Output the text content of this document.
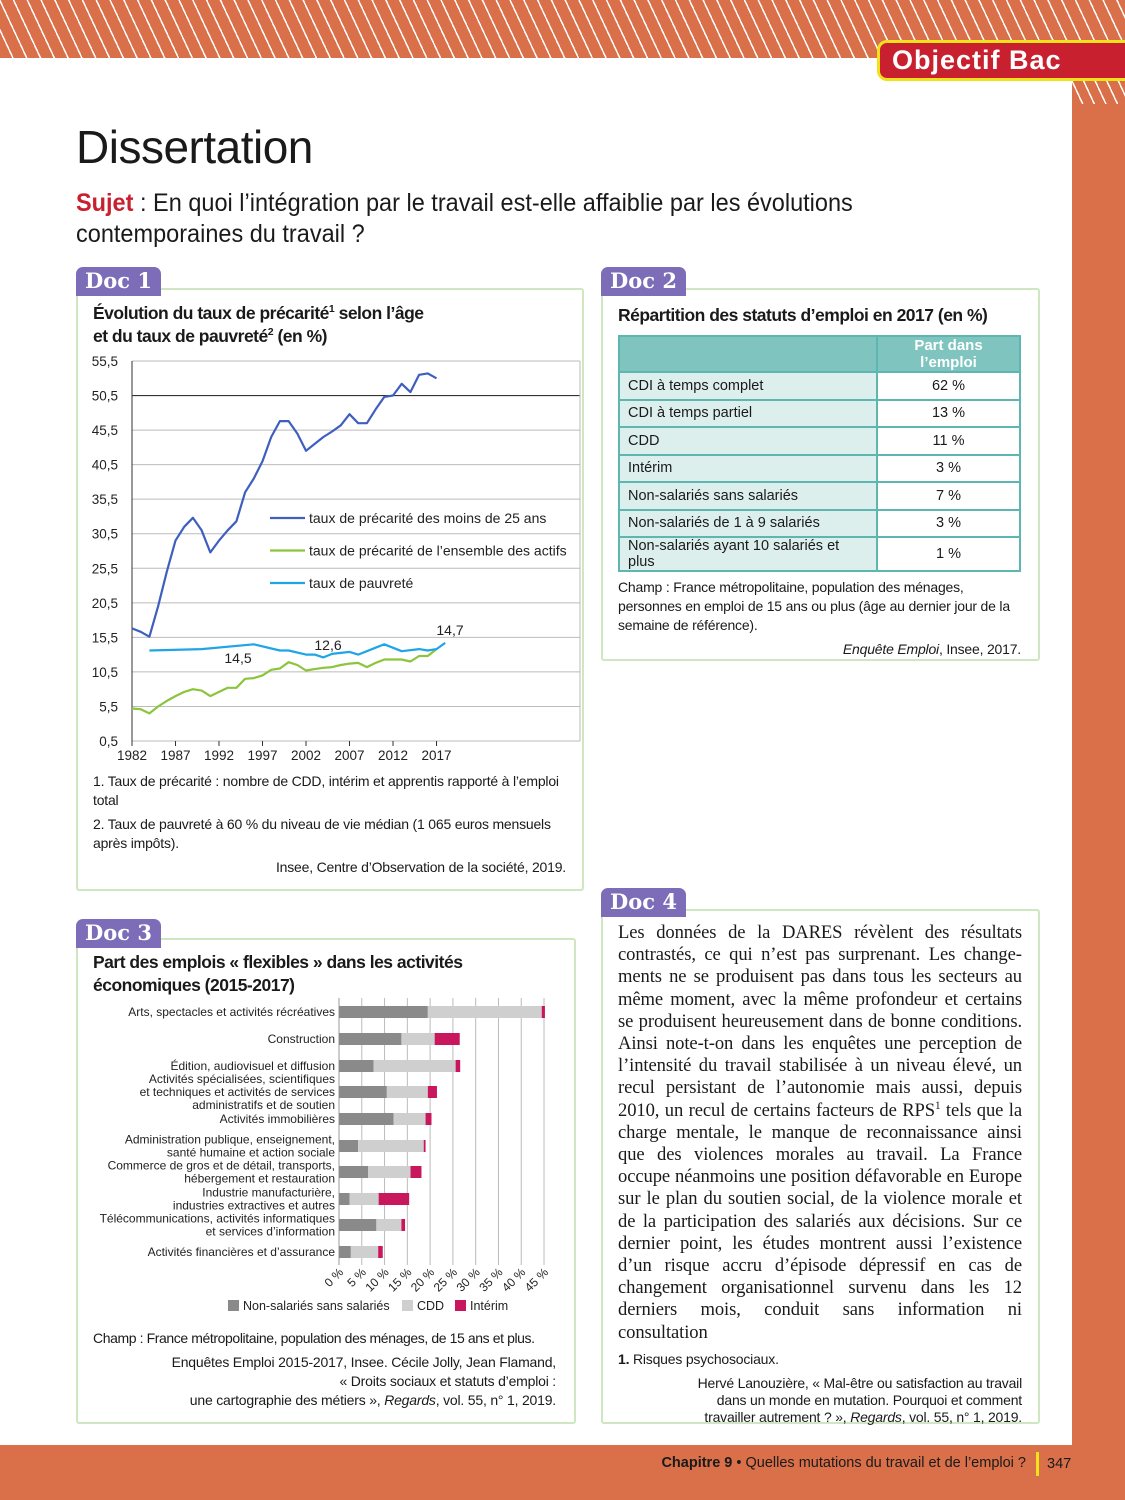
Objectif Bac
Dissertation
Sujet : En quoi l’intégration par le travail est-elle affaiblie par les évolutions contemporaines du travail ?
Doc 1
Évolution du taux de précarité$^1$ selon l’âge
et du taux de pauvreté$^2$ (en %)
0,5
5,5
10,5
15,5
20,5
25,5
30,5
35,5
40,5
45,5
50,5
55,5
1982 1987 1992 1997 2002 2007 2012 2017
taux de précarité des moins de 25 ans
taux de précarité de l’ensemble des actifs
taux de pauvreté
14,5
12,6
14,7
1. Taux de précarité : nombre de CDD, intérim et apprentis rapporté à l’emploi total
2. Taux de pauvreté à 60 % du niveau de vie médian (1 065 euros mensuels après impôts).
Insee, Centre d’Observation de la société, 2019.
Doc 2
Répartition des statuts d’emploi en 2017 (en %)
	Part dans l’emploi
CDI à temps complet	62 %
CDI à temps partiel	13 %
CDD	11 %
Intérim	3 %
Non-salariés sans salariés	7 %
Non-salariés de 1 à 9 salariés	3 %
Non-salariés ayant 10 salariés et plus	1 %
Champ : France métropolitaine, population des ménages, personnes en emploi de 15 ans ou plus (âge au dernier jour de la semaine de référence).
Enquête Emploi, Insee, 2017.
Doc 3
Part des emplois « flexibles » dans les activités économiques (2015-2017)
0 %
5 %
10 %
15 %
20 %
25 %
30 %
35 %
40 %
45 %
Arts, spectacles et activités récréatives
Construction
Édition, audiovisuel et diffusion
Activités spécialisées, scientifiques et techniques et activités de services administratifs et de soutien
Activités immobilières
Administration publique, enseignement, santé humaine et action sociale
Commerce de gros et de détail, transports, hébergement et restauration
Industrie manufacturière, industries extractives et autres
Télécommunications, activités informatiques et services d’information
Activités financières et d’assurance
Non-salariés sans salariés CDD Intérim
Champ : France métropolitaine, population des ménages, de 15 ans et plus.
Enquêtes Emploi 2015-2017, Insee. Cécile Jolly, Jean Flamand,
« Droits sociaux et statuts d’emploi :
une cartographie des métiers », Regards, vol. 55, n° 1, 2019.
Doc 4
Les données de la DARES révèlent des résultats contrastés, ce qui n’est pas surprenant. Les changements ne se produisent pas dans tous les secteurs au même moment, avec la même profondeur et certains se produisent heureusement dans de bonne conditions. Ainsi note-t-on dans les enquêtes une perception de l’intensité du travail stabilisée à un niveau élevé, un recul persistant de l’autonomie mais aussi, depuis 2010, un recul de certains facteurs de RPS$^1$ tels que la charge mentale, le manque de reconnaissance ainsi que des violences morales au travail. La France occupe néanmoins une position défavorable en Europe sur le plan du soutien social, de la violence morale et de la participation des salariés aux décisions. Sur ce dernier point, les études montrent aussi l’existence d’un risque accru d’épisode dépressif en cas de changement organisationnel survenu dans les 12 derniers mois, conduit sans information ni consultation
1. Risques psychosociaux.
Hervé Lanouzière, « Mal-être ou satisfaction au travail
dans un monde en mutation. Pourquoi et comment
travailler autrement ? », Regards, vol. 55, n° 1, 2019.
Chapitre 9 • Quelles mutations du travail et de l’emploi ?	347
